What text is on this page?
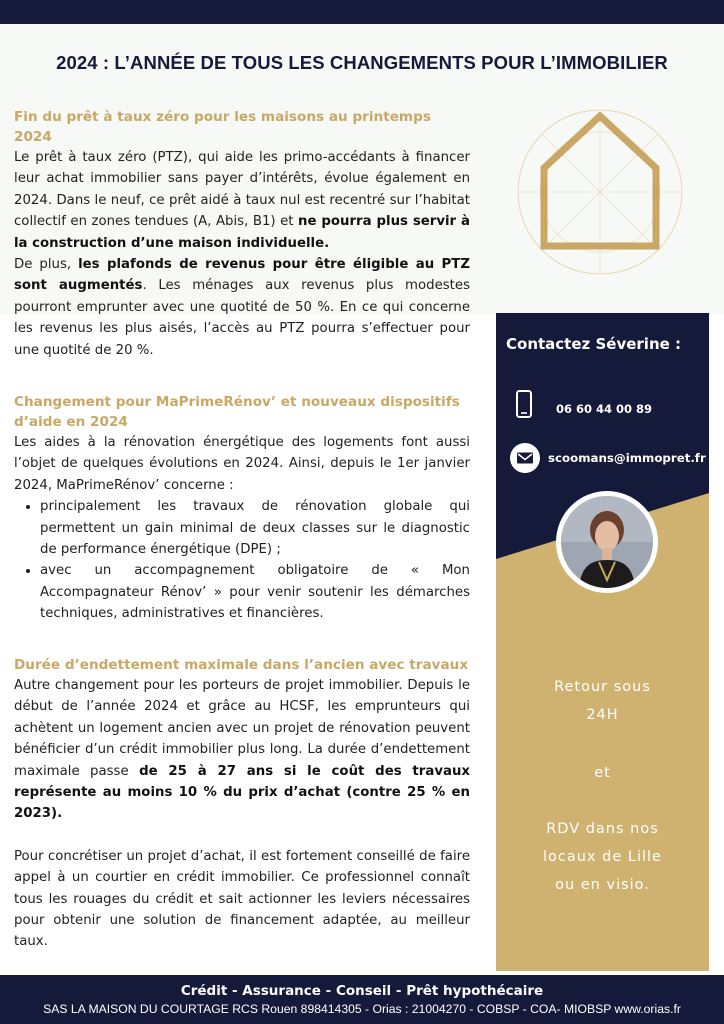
2024 : L’ANNÉE DE TOUS LES CHANGEMENTS POUR L’IMMOBILIER

Fin du prêt à taux zéro pour les maisons au printemps 2024

Le prêt à taux zéro (PTZ), qui aide les primo-accédants à financer leur achat immobilier sans payer d’intérêts, évolue également en 2024. Dans le neuf, ce prêt aidé à taux nul est recentré sur l’habitat collectif en zones tendues (A, Abis, B1) et ne pourra plus servir à la construction d’une maison individuelle.

De plus, les plafonds de revenus pour être éligible au PTZ sont augmentés. Les ménages aux revenus plus modestes pourront emprunter avec une quotité de 50 %. En ce qui concerne les revenus les plus aisés, l’accès au PTZ pourra s’effectuer pour une quotité de 20 %.

Changement pour MaPrimeRénov’ et nouveaux dispositifs d’aide en 2024

Les aides à la rénovation énergétique des logements font aussi l’objet de quelques évolutions en 2024. Ainsi, depuis le 1er janvier 2024, MaPrimeRénov’ concerne :

• principalement les travaux de rénovation globale qui permettent un gain minimal de deux classes sur le diagnostic de performance énergétique (DPE) ;
• avec un accompagnement obligatoire de « Mon Accompagnateur Rénov’ » pour venir soutenir les démarches techniques, administratives et financières.

Durée d’endettement maximale dans l’ancien avec travaux

Autre changement pour les porteurs de projet immobilier. Depuis le début de l’année 2024 et grâce au HCSF, les emprunteurs qui achètent un logement ancien avec un projet de rénovation peuvent bénéficier d’un crédit immobilier plus long. La durée d’endettement maximale passe de 25 à 27 ans si le coût des travaux représente au moins 10 % du prix d’achat (contre 25 % en 2023).

Pour concrétiser un projet d’achat, il est fortement conseillé de faire appel à un courtier en crédit immobilier. Ce professionnel connaît tous les rouages du crédit et sait actionner les leviers nécessaires pour obtenir une solution de financement adaptée, au meilleur taux.

Contactez Séverine :
06 60 44 00 89
scoomans@immopret.fr
Retour sous
24H
et
RDV dans nos
locaux de Lille
ou en visio.
Crédit - Assurance - Conseil - Prêt hypothécaire
SAS LA MAISON DU COURTAGE RCS Rouen 898414305 - Orias : 21004270 - COBSP - COA- MIOBSP www.orias.fr
